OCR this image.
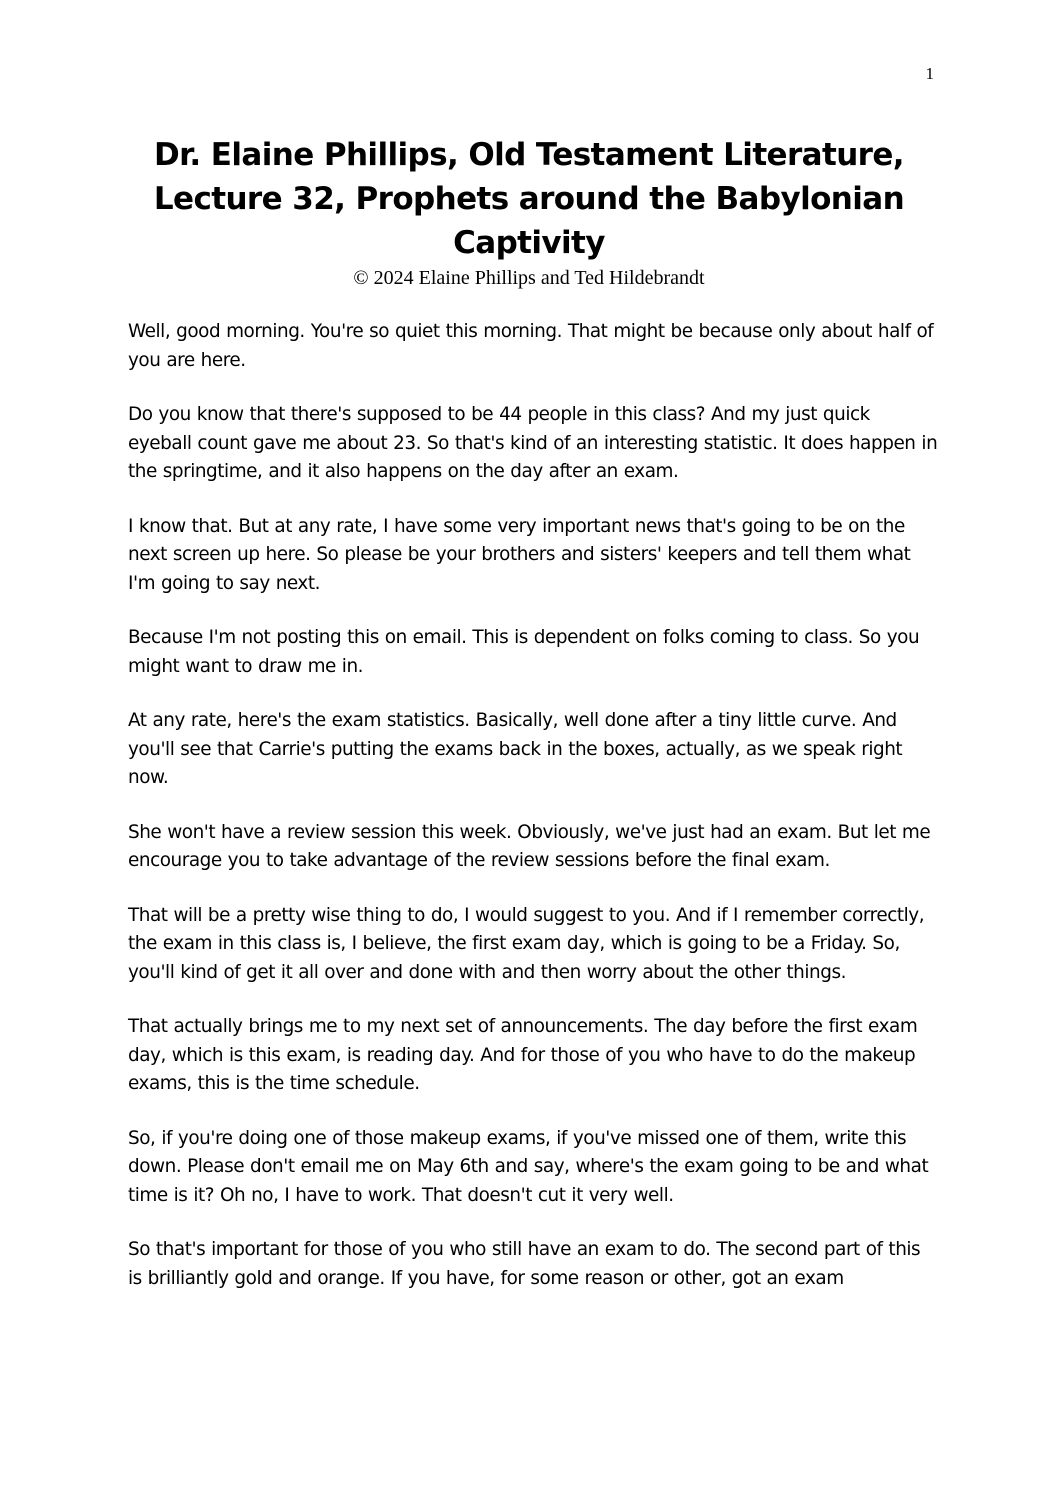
1
Dr. Elaine Phillips, Old Testament Literature, Lecture 32, Prophets around the Babylonian Captivity
© 2024 Elaine Phillips and Ted Hildebrandt

Well, good morning. You're so quiet this morning. That might be because only about half of you are here.

Do you know that there's supposed to be 44 people in this class? And my just quick eyeball count gave me about 23. So that's kind of an interesting statistic. It does happen in the springtime, and it also happens on the day after an exam.

I know that. But at any rate, I have some very important news that's going to be on the next screen up here. So please be your brothers and sisters' keepers and tell them what I'm going to say next.

Because I'm not posting this on email. This is dependent on folks coming to class. So you might want to draw me in.

At any rate, here's the exam statistics. Basically, well done after a tiny little curve. And you'll see that Carrie's putting the exams back in the boxes, actually, as we speak right now.

She won't have a review session this week. Obviously, we've just had an exam. But let me encourage you to take advantage of the review sessions before the final exam.

That will be a pretty wise thing to do, I would suggest to you. And if I remember correctly, the exam in this class is, I believe, the first exam day, which is going to be a Friday. So, you'll kind of get it all over and done with and then worry about the other things.

That actually brings me to my next set of announcements. The day before the first exam day, which is this exam, is reading day. And for those of you who have to do the makeup exams, this is the time schedule.

So, if you're doing one of those makeup exams, if you've missed one of them, write this down. Please don't email me on May 6th and say, where's the exam going to be and what time is it? Oh no, I have to work. That doesn't cut it very well.

So that's important for those of you who still have an exam to do. The second part of this is brilliantly gold and orange. If you have, for some reason or other, got an exam
